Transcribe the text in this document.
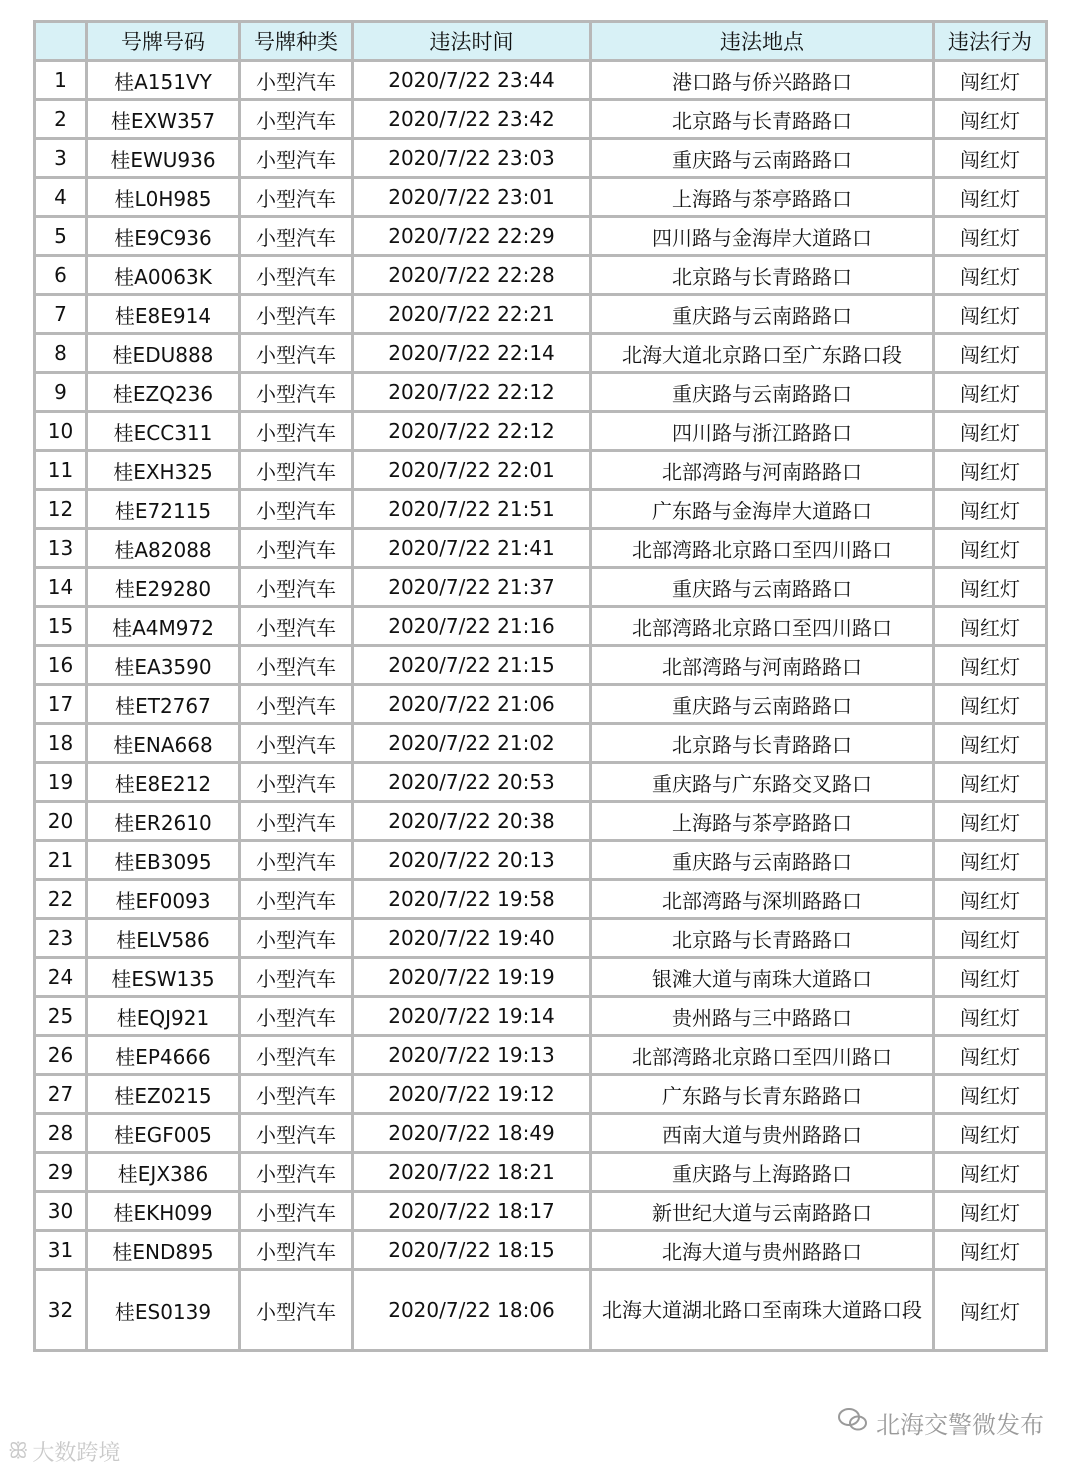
	号牌号码	号牌种类	违法时间	违法地点	违法行为
1	桂A151VY	小型汽车	2020/7/22 23:44	港口路与侨兴路路口	闯红灯
2	桂EXW357	小型汽车	2020/7/22 23:42	北京路与长青路路口	闯红灯
3	桂EWU936	小型汽车	2020/7/22 23:03	重庆路与云南路路口	闯红灯
4	桂L0H985	小型汽车	2020/7/22 23:01	上海路与茶亭路路口	闯红灯
5	桂E9C936	小型汽车	2020/7/22 22:29	四川路与金海岸大道路口	闯红灯
6	桂A0063K	小型汽车	2020/7/22 22:28	北京路与长青路路口	闯红灯
7	桂E8E914	小型汽车	2020/7/22 22:21	重庆路与云南路路口	闯红灯
8	桂EDU888	小型汽车	2020/7/22 22:14	北海大道北京路口至广东路口段	闯红灯
9	桂EZQ236	小型汽车	2020/7/22 22:12	重庆路与云南路路口	闯红灯
10	桂ECC311	小型汽车	2020/7/22 22:12	四川路与浙江路路口	闯红灯
11	桂EXH325	小型汽车	2020/7/22 22:01	北部湾路与河南路路口	闯红灯
12	桂E72115	小型汽车	2020/7/22 21:51	广东路与金海岸大道路口	闯红灯
13	桂A82088	小型汽车	2020/7/22 21:41	北部湾路北京路口至四川路口	闯红灯
14	桂E29280	小型汽车	2020/7/22 21:37	重庆路与云南路路口	闯红灯
15	桂A4M972	小型汽车	2020/7/22 21:16	北部湾路北京路口至四川路口	闯红灯
16	桂EA3590	小型汽车	2020/7/22 21:15	北部湾路与河南路路口	闯红灯
17	桂ET2767	小型汽车	2020/7/22 21:06	重庆路与云南路路口	闯红灯
18	桂ENA668	小型汽车	2020/7/22 21:02	北京路与长青路路口	闯红灯
19	桂E8E212	小型汽车	2020/7/22 20:53	重庆路与广东路交叉路口	闯红灯
20	桂ER2610	小型汽车	2020/7/22 20:38	上海路与茶亭路路口	闯红灯
21	桂EB3095	小型汽车	2020/7/22 20:13	重庆路与云南路路口	闯红灯
22	桂EF0093	小型汽车	2020/7/22 19:58	北部湾路与深圳路路口	闯红灯
23	桂ELV586	小型汽车	2020/7/22 19:40	北京路与长青路路口	闯红灯
24	桂ESW135	小型汽车	2020/7/22 19:19	银滩大道与南珠大道路口	闯红灯
25	桂EQJ921	小型汽车	2020/7/22 19:14	贵州路与三中路路口	闯红灯
26	桂EP4666	小型汽车	2020/7/22 19:13	北部湾路北京路口至四川路口	闯红灯
27	桂EZ0215	小型汽车	2020/7/22 19:12	广东路与长青东路路口	闯红灯
28	桂EGF005	小型汽车	2020/7/22 18:49	西南大道与贵州路路口	闯红灯
29	桂EJX386	小型汽车	2020/7/22 18:21	重庆路与上海路路口	闯红灯
30	桂EKH099	小型汽车	2020/7/22 18:17	新世纪大道与云南路路口	闯红灯
31	桂END895	小型汽车	2020/7/22 18:15	北海大道与贵州路路口	闯红灯
32	桂ES0139	小型汽车	2020/7/22 18:06	北海大道湖北路口至南珠大道路口段	闯红灯
ꕥ 大数跨境
北海交警微发布
